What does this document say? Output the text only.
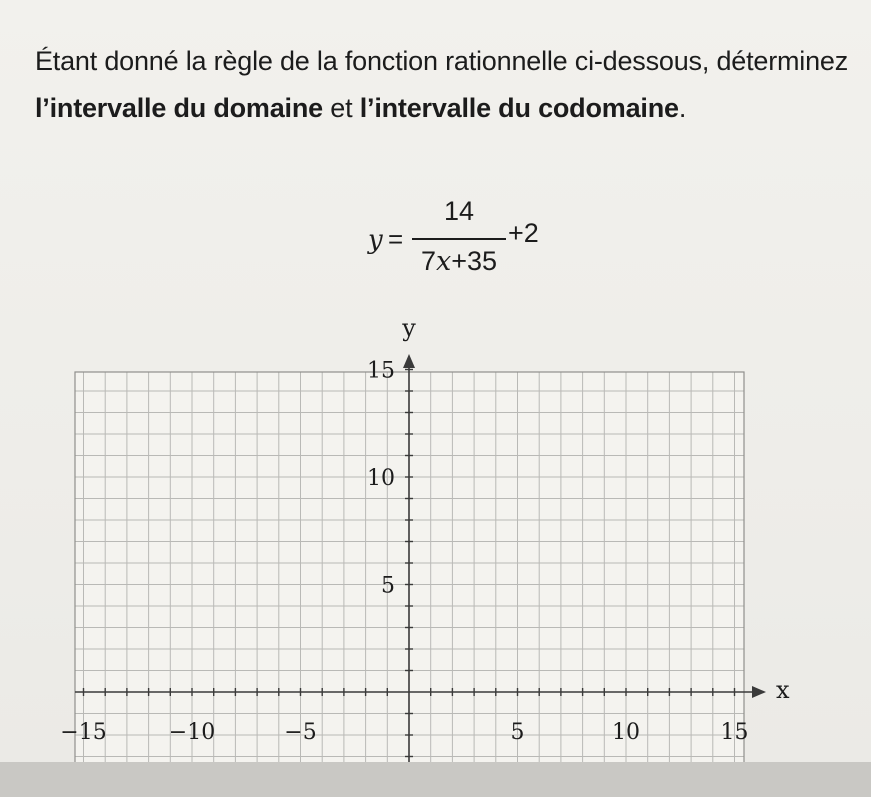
Étant donné la règle de la fonction rationnelle ci-dessous, déterminez l’intervalle du domaine et l’intervalle du codomaine.
y =
14
7x+35
+2
−15	−10	−5	5	10	15
5
10
15
x
y
